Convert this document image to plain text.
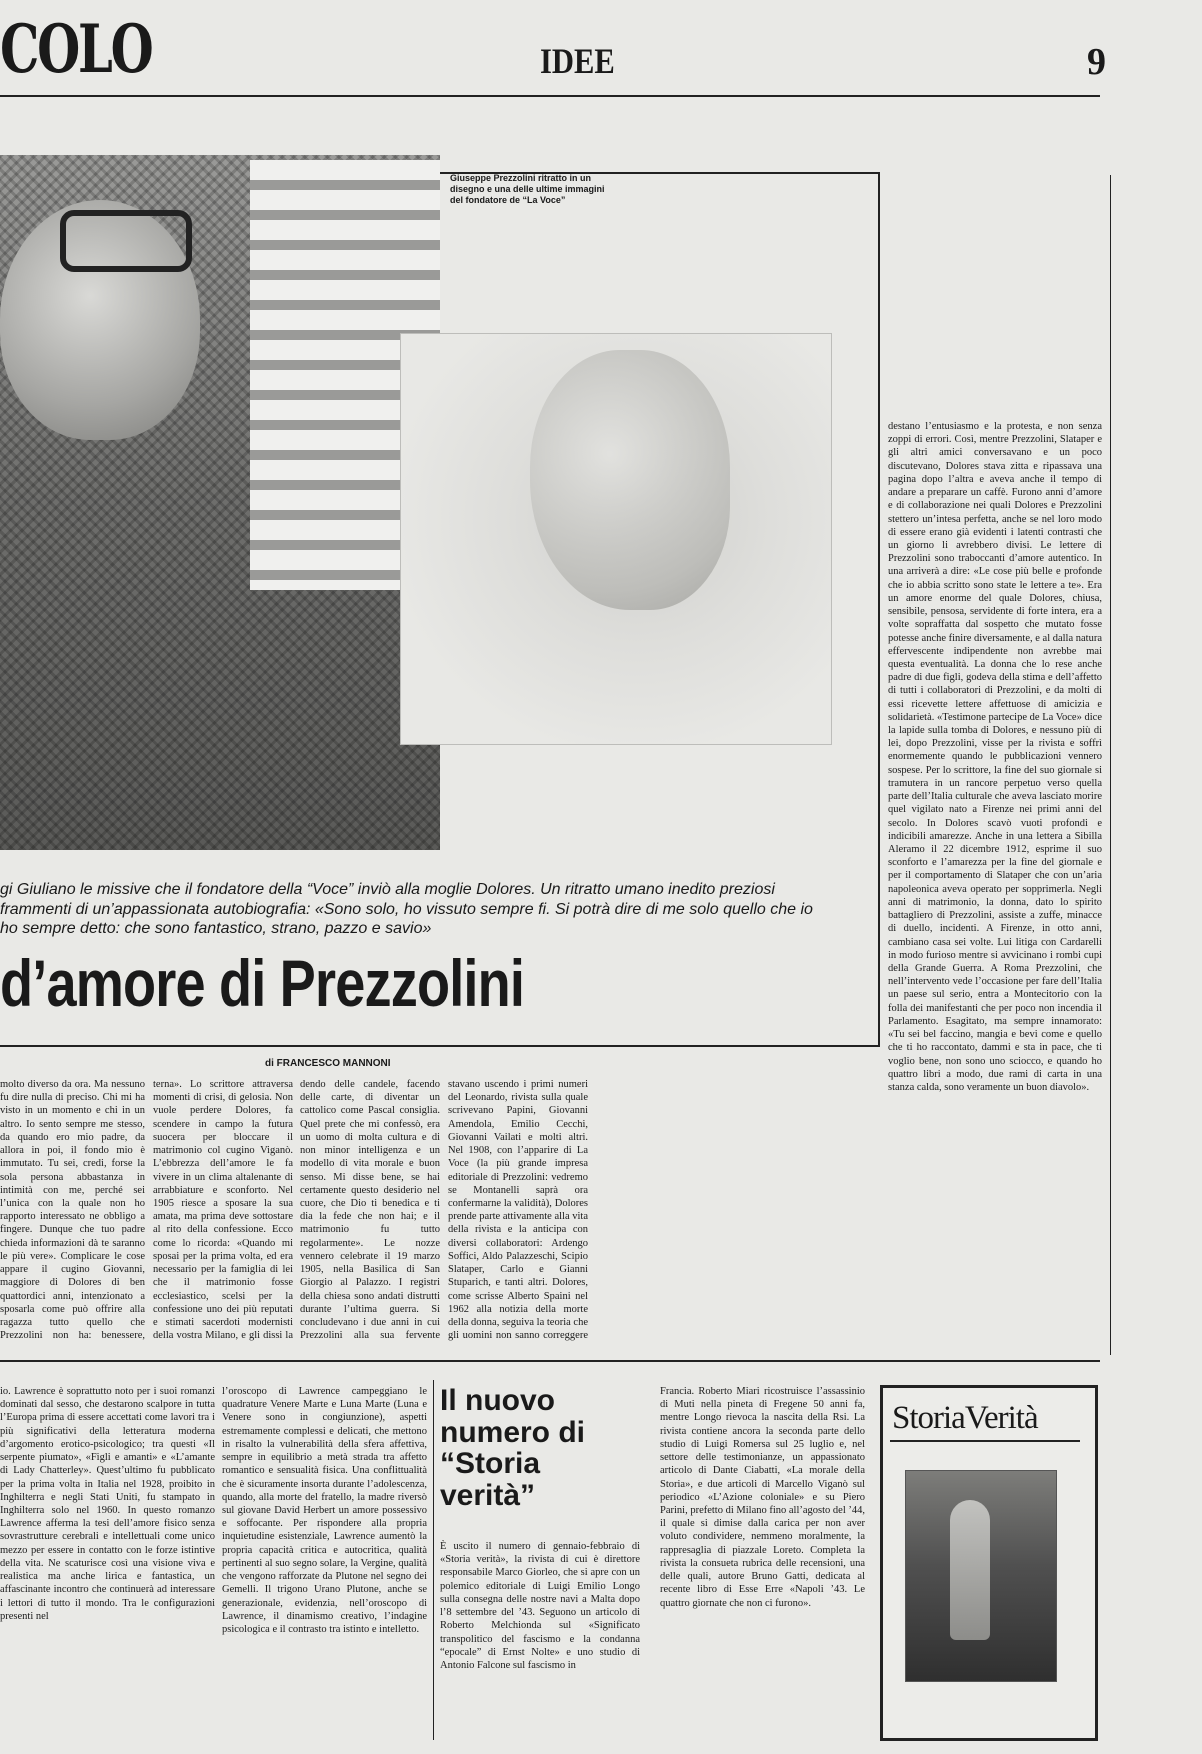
COLO	IDEE	9
Giuseppe Prezzolini ritratto in un disegno e una delle ultime immagini del fondatore de “La Voce”
gi Giuliano le missive che il fondatore della “Voce” inviò alla moglie Dolores. Un ritratto umano inedito preziosi frammenti di un’appassionata autobiografia: «Sono solo, ho vissuto sempre fi. Si potrà dire di me solo quello che io ho sempre detto: che sono fantastico, strano, pazzo e savio»
d’amore di Prezzolini
di FRANCESCO MANNONI
destano l’entusiasmo e la protesta, e non senza zoppi di errori. Così, mentre Prezzolini, Slataper e gli altri amici conversavano e un poco discutevano, Dolores stava zitta e ripassava una pagina dopo l’altra e aveva anche il tempo di andare a preparare un caffè. Furono anni d’amore e di collaborazione nei quali Dolores e Prezzolini stettero un’intesa perfetta, anche se nel loro modo di essere erano già evidenti i latenti contrasti che un giorno li avrebbero divisi. Le lettere di Prezzolini sono traboccanti d’amore autentico. In una arriverà a dire: «Le cose più belle e profonde che io abbia scritto sono state le lettere a te». Era un amore enorme del quale Dolores, chiusa, sensibile, pensosa, servidente di forte intera, era a volte sopraffatta dal sospetto che mutato fosse potesse anche finire diversamente, e al dalla natura effervescente indipendente non avrebbe mai questa eventualità. La donna che lo rese anche padre di due figli, godeva della stima e dell’affetto di tutti i collaboratori di Prezzolini, e da molti di essi ricevette lettere affettuose di amicizia e solidarietà. «Testimone partecipe de La Voce» dice la lapide sulla tomba di Dolores, e nessuno più di lei, dopo Prezzolini, visse per la rivista e soffrì enormemente quando le pubblicazioni vennero sospese. Per lo scrittore, la fine del suo giornale si tramutera in un rancore perpetuo verso quella parte dell’Italia culturale che aveva lasciato morire quel vigilato nato a Firenze nei primi anni del secolo. In Dolores scavò vuoti profondi e indicibili amarezze. Anche in una lettera a Sibilla Aleramo il 22 dicembre 1912, esprime il suo sconforto e l’amarezza per la fine del giornale e per il comportamento di Slataper che con un’aria napoleonica aveva operato per sopprimerla. Negli anni di matrimonio, la donna, dato lo spirito battagliero di Prezzolini, assiste a zuffe, minacce di duello, incidenti. A Firenze, in otto anni, cambiano casa sei volte. Lui litiga con Cardarelli in modo furioso mentre si avvicinano i rombi cupi della Grande Guerra. A Roma Prezzolini, che nell’intervento vede l’occasione per fare dell’Italia un paese sul serio, entra a Montecitorio con la folla dei manifestanti che per poco non incendia il Parlamento. Esagitato, ma sempre innamorato: «Tu sei bel faccino, mangia e bevi come e quello che ti ho raccontato, dammi e sta in pace, che ti voglio bene, non sono uno sciocco, e quando ho quattro libri a modo, due rami di carta in una stanza calda, sono veramente un buon diavolo».
molto diverso da ora. Ma nessuno fu dire nulla di preciso. Chi mi ha visto in un momento e chi in un altro. Io sento sempre me stesso, da quando ero mio padre, da allora in poi, il fondo mio è immutato. Tu sei, credi, forse la sola persona abbastanza in intimità con me, perché sei l’unica con la quale non ho rapporto interessato ne obbligo a fingere. Dunque che tuo padre chieda informazioni dà te saranno le più vere». Complicare le cose appare il cugino Giovanni, maggiore di Dolores di ben quattordici anni, intenzionato a sposarla come può offrire alla ragazza tutto quello che Prezzolini non ha: benessere,
terna». Lo scrittore attraversa momenti di crisi, di gelosia. Non vuole perdere Dolores, fa scendere in campo la futura suocera per bloccare il matrimonio col cugino Viganò. L’ebbrezza dell’amore le fa vivere in un clima altalenante di arrabbiature e sconforto. Nel 1905 riesce a sposare la sua amata, ma prima deve sottostare al rito della confessione. Ecco come lo ricorda: «Quando mi sposai per la prima volta, ed era necessario per la famiglia di lei che il matrimonio fosse ecclesiastico, scelsi per la confessione uno dei più reputati e stimati sacerdoti modernisti della vostra Milano, e gli dissi la
dendo delle candele, facendo delle carte, di diventar un cattolico come Pascal consiglia. Quel prete che mi confessò, era un uomo di molta cultura e di non minor intelligenza e un modello di vita morale e buon senso. Mi disse bene, se hai certamente questo desiderio nel cuore, che Dio ti benedica e ti dia la fede che non hai; e il matrimonio fu tutto regolarmente». Le nozze vennero celebrate il 19 marzo 1905, nella Basilica di San Giorgio al Palazzo. I registri della chiesa sono andati distrutti durante l’ultima guerra. Si concludevano i due anni in cui Prezzolini alla sua fervente
stavano uscendo i primi numeri del Leonardo, rivista sulla quale scrivevano Papini, Giovanni Amendola, Emilio Cecchi, Giovanni Vailati e molti altri. Nel 1908, con l’apparire di La Voce (la più grande impresa editoriale di Prezzolini: vedremo se Montanelli saprà ora confermarne la validità), Dolores prende parte attivamente alla vita della rivista e la anticipa con diversi collaboratori: Ardengo Soffici, Aldo Palazzeschi, Scipio Slataper, Carlo e Gianni Stuparich, e tanti altri. Dolores, come scrisse Alberto Spaini nel 1962 alla notizia della morte della donna, seguiva la teoria che gli uomini non sanno correggere
io. Lawrence è soprattutto noto per i suoi romanzi dominati dal sesso, che destarono scalpore in tutta l’Europa prima di essere accettati come lavori tra i più significativi della letteratura moderna d’argomento erotico-psicologico; tra questi «Il serpente piumato», «Figli e amanti» e «L’amante di Lady Chatterley». Quest’ultimo fu pubblicato per la prima volta in Italia nel 1928, proibito in Inghilterra e negli Stati Uniti, fu stampato in Inghilterra solo nel 1960. In questo romanzo Lawrence afferma la tesi dell’amore fisico senza sovrastrutture cerebrali e intellettuali come unico mezzo per essere in contatto con le forze istintive della vita. Ne scaturisce così una visione viva e realistica ma anche lirica e fantastica, un affascinante incontro che continuerà ad interessare i lettori di tutto il mondo. Tra le configurazioni presenti nel
l’oroscopo di Lawrence campeggiano le quadrature Venere Marte e Luna Marte (Luna e Venere sono in congiunzione), aspetti estremamente complessi e delicati, che mettono in risalto la vulnerabilità della sfera affettiva, sempre in equilibrio a metà strada tra affetto romantico e sensualità fisica. Una conflittualità che è sicuramente insorta durante l’adolescenza, quando, alla morte del fratello, la madre riversò sul giovane David Herbert un amore possessivo e soffocante. Per rispondere alla propria inquietudine esistenziale, Lawrence aumentò la propria capacità critica e autocritica, qualità pertinenti al suo segno solare, la Vergine, qualità che vengono rafforzate da Plutone nel segno dei Gemelli. Il trigono Urano Plutone, anche se generazionale, evidenzia, nell’oroscopo di Lawrence, il dinamismo creativo, l’indagine psicologica e il contrasto tra istinto e intelletto.
Il nuovo numero di “Storia verità”
È uscito il numero di gennaio-febbraio di «Storia verità», la rivista di cui è direttore responsabile Marco Giorleo, che si apre con un polemico editoriale di Luigi Emilio Longo sulla consegna delle nostre navi a Malta dopo l’8 settembre del ’43. Seguono un articolo di Roberto Melchionda sul «Significato transpolitico del fascismo e la condanna “epocale” di Ernst Nolte» e uno studio di Antonio Falcone sul fascismo in
Francia. Roberto Miari ricostruisce l’assassinio di Muti nella pineta di Fregene 50 anni fa, mentre Longo rievoca la nascita della Rsi. La rivista contiene ancora la seconda parte dello studio di Luigi Romersa sul 25 luglio e, nel settore delle testimonianze, un appassionato articolo di Dante Ciabatti, «La morale della Storia», e due articoli di Marcello Viganò sul periodico «L’Azione coloniale» e su Piero Parini, prefetto di Milano fino all’agosto del ’44, il quale si dimise dalla carica per non aver voluto condividere, nemmeno moralmente, la rappresaglia di piazzale Loreto. Completa la rivista la consueta rubrica delle recensioni, una delle quali, autore Bruno Gatti, dedicata al recente libro di Esse Erre «Napoli ’43. Le quattro giornate che non ci furono».
StoriaVerità
